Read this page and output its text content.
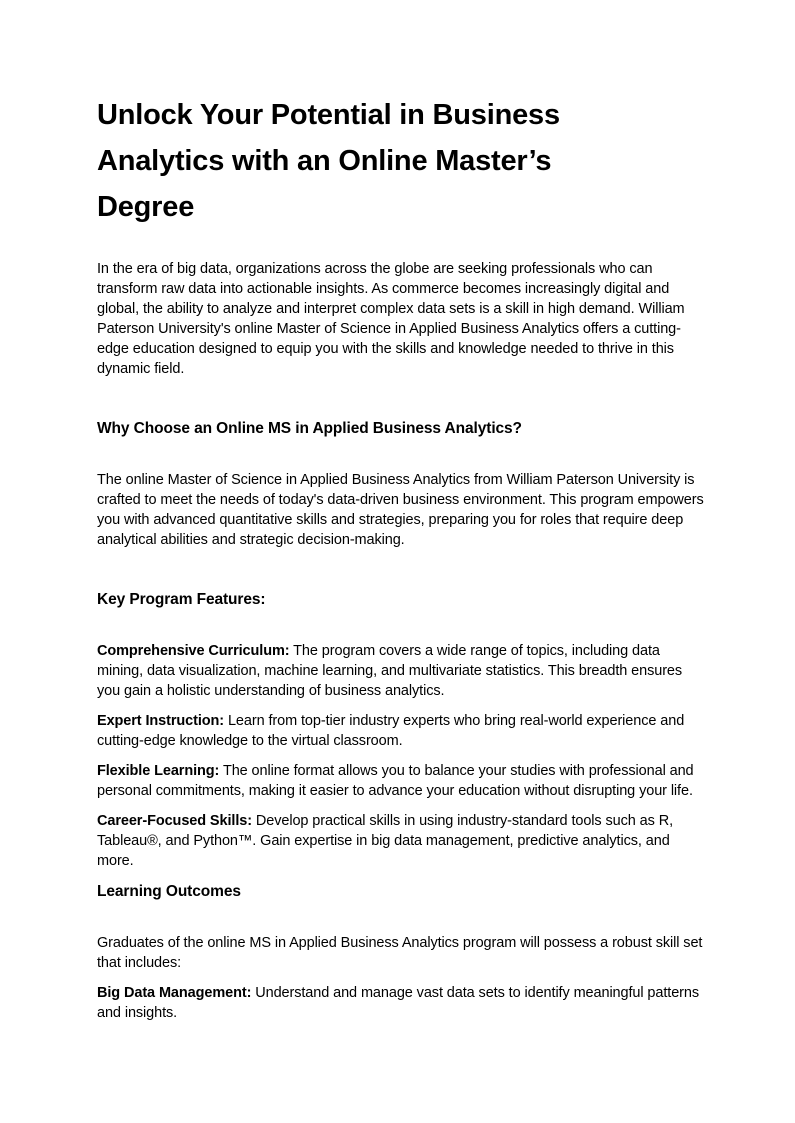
Unlock Your Potential in Business
Analytics with an Online Master’s
Degree

In the era of big data, organizations across the globe are seeking professionals who can transform raw data into actionable insights. As commerce becomes increasingly digital and global, the ability to analyze and interpret complex data sets is a skill in high demand. William Paterson University's online Master of Science in Applied Business Analytics offers a cutting-edge education designed to equip you with the skills and knowledge needed to thrive in this dynamic field.

Why Choose an Online MS in Applied Business Analytics?

The online Master of Science in Applied Business Analytics from William Paterson University is crafted to meet the needs of today's data-driven business environment. This program empowers you with advanced quantitative skills and strategies, preparing you for roles that require deep analytical abilities and strategic decision-making.

Key Program Features:

Comprehensive Curriculum: The program covers a wide range of topics, including data mining, data visualization, machine learning, and multivariate statistics. This breadth ensures you gain a holistic understanding of business analytics.

Expert Instruction: Learn from top-tier industry experts who bring real-world experience and cutting-edge knowledge to the virtual classroom.

Flexible Learning: The online format allows you to balance your studies with professional and personal commitments, making it easier to advance your education without disrupting your life.

Career-Focused Skills: Develop practical skills in using industry-standard tools such as R, Tableau®, and Python™. Gain expertise in big data management, predictive analytics, and more.

Learning Outcomes

Graduates of the online MS in Applied Business Analytics program will possess a robust skill set that includes:

Big Data Management: Understand and manage vast data sets to identify meaningful patterns and insights.
